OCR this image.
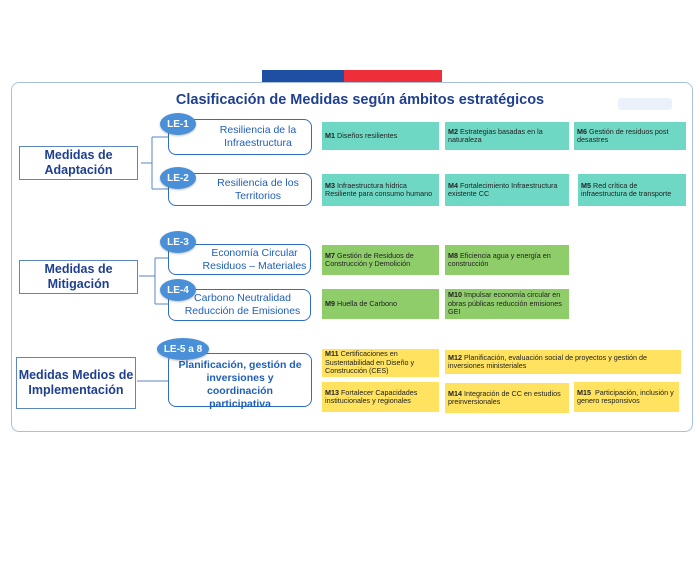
Clasificación de Medidas según ámbitos estratégicos
Medidas de Adaptación
Medidas de Mitigación
Medidas Medios de Implementación
Resiliencia de la Infraestructura
Resiliencia de los Territorios
Economía Circular Residuos – Materiales
Carbono Neutralidad Reducción de Emisiones
Planificación, gestión de inversiones y coordinación participativa
LE-1
LE-2
LE-3
LE-4
LE-5 a 8
M1 Diseños resilientes	M2 Estrategias basadas en la naturaleza
M6 Gestión de residuos post desastres
M3 Infraestructura hídrica Resiliente para consumo humano
M4 Fortalecimiento Infraestructura existente CC
M5 Red crítica de infraestructura de transporte
M7 Gestión de Residuos de Construcción y Demolición
M8 Eficiencia agua y energía en construcción
M9 Huella de Carbono
M10 Impulsar economía circular en obras públicas reducción emisiones GEI
M11 Certificaciones en Sustentabilidad en Diseño y Construcción (CES)
M12 Planificación, evaluación social de proyectos y gestión de inversiones ministeriales
M13 Fortalecer Capacidades institucionales y regionales
M14 Integración de CC en estudios preinversionales
M15 Participación, inclusión y genero responsivos
